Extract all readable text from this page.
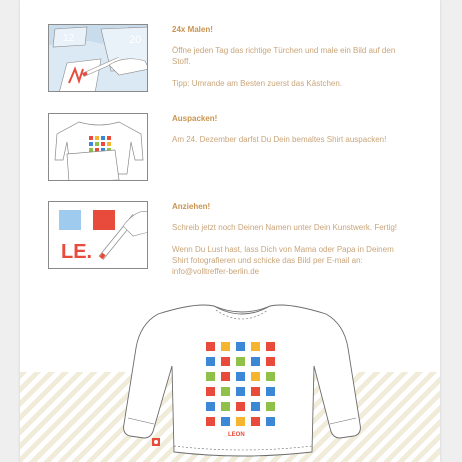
12	20
24x Malen!

Öffne jeden Tag das richtige Türchen und male ein Bild auf den Stoff.

Tipp: Umrande am Besten zuerst das Kästchen.

Auspacken!

Am 24. Dezember darfst Du Dein bemaltes Shirt auspacken!

LE.
Anziehen!

Schreib jetzt noch Deinen Namen unter Dein Kunstwerk. Fertig!

Wenn Du Lust hast, lass Dich von Mama oder Papa in Deinem Shirt fotografieren und schicke das Bild per E-mail an: info@volltreffer-berlin.de

LEON
